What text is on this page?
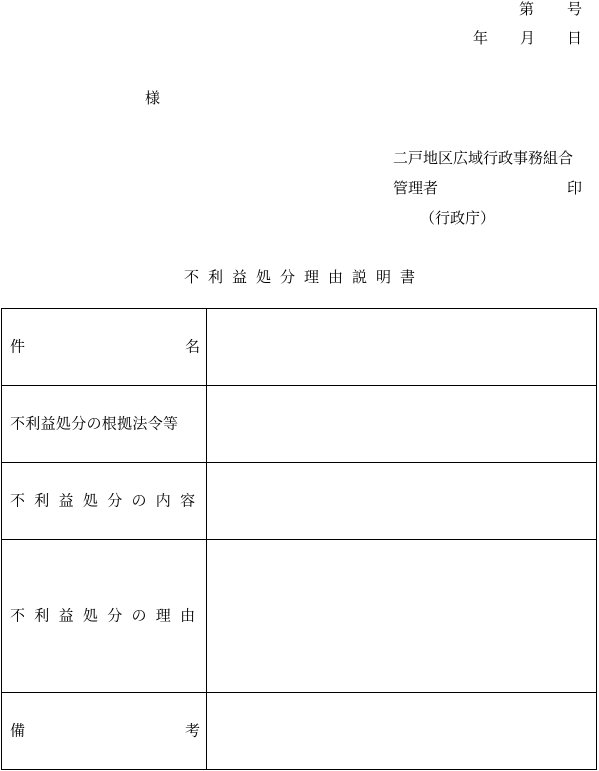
第 号
年 月 日
様
二戸地区広域行政事務組合
管理者	印
（行政庁）
不利益処分理由説明書
件	名
不利益処分の根拠法令等
不利益処分の内容
不利益処分の理由
備	考
